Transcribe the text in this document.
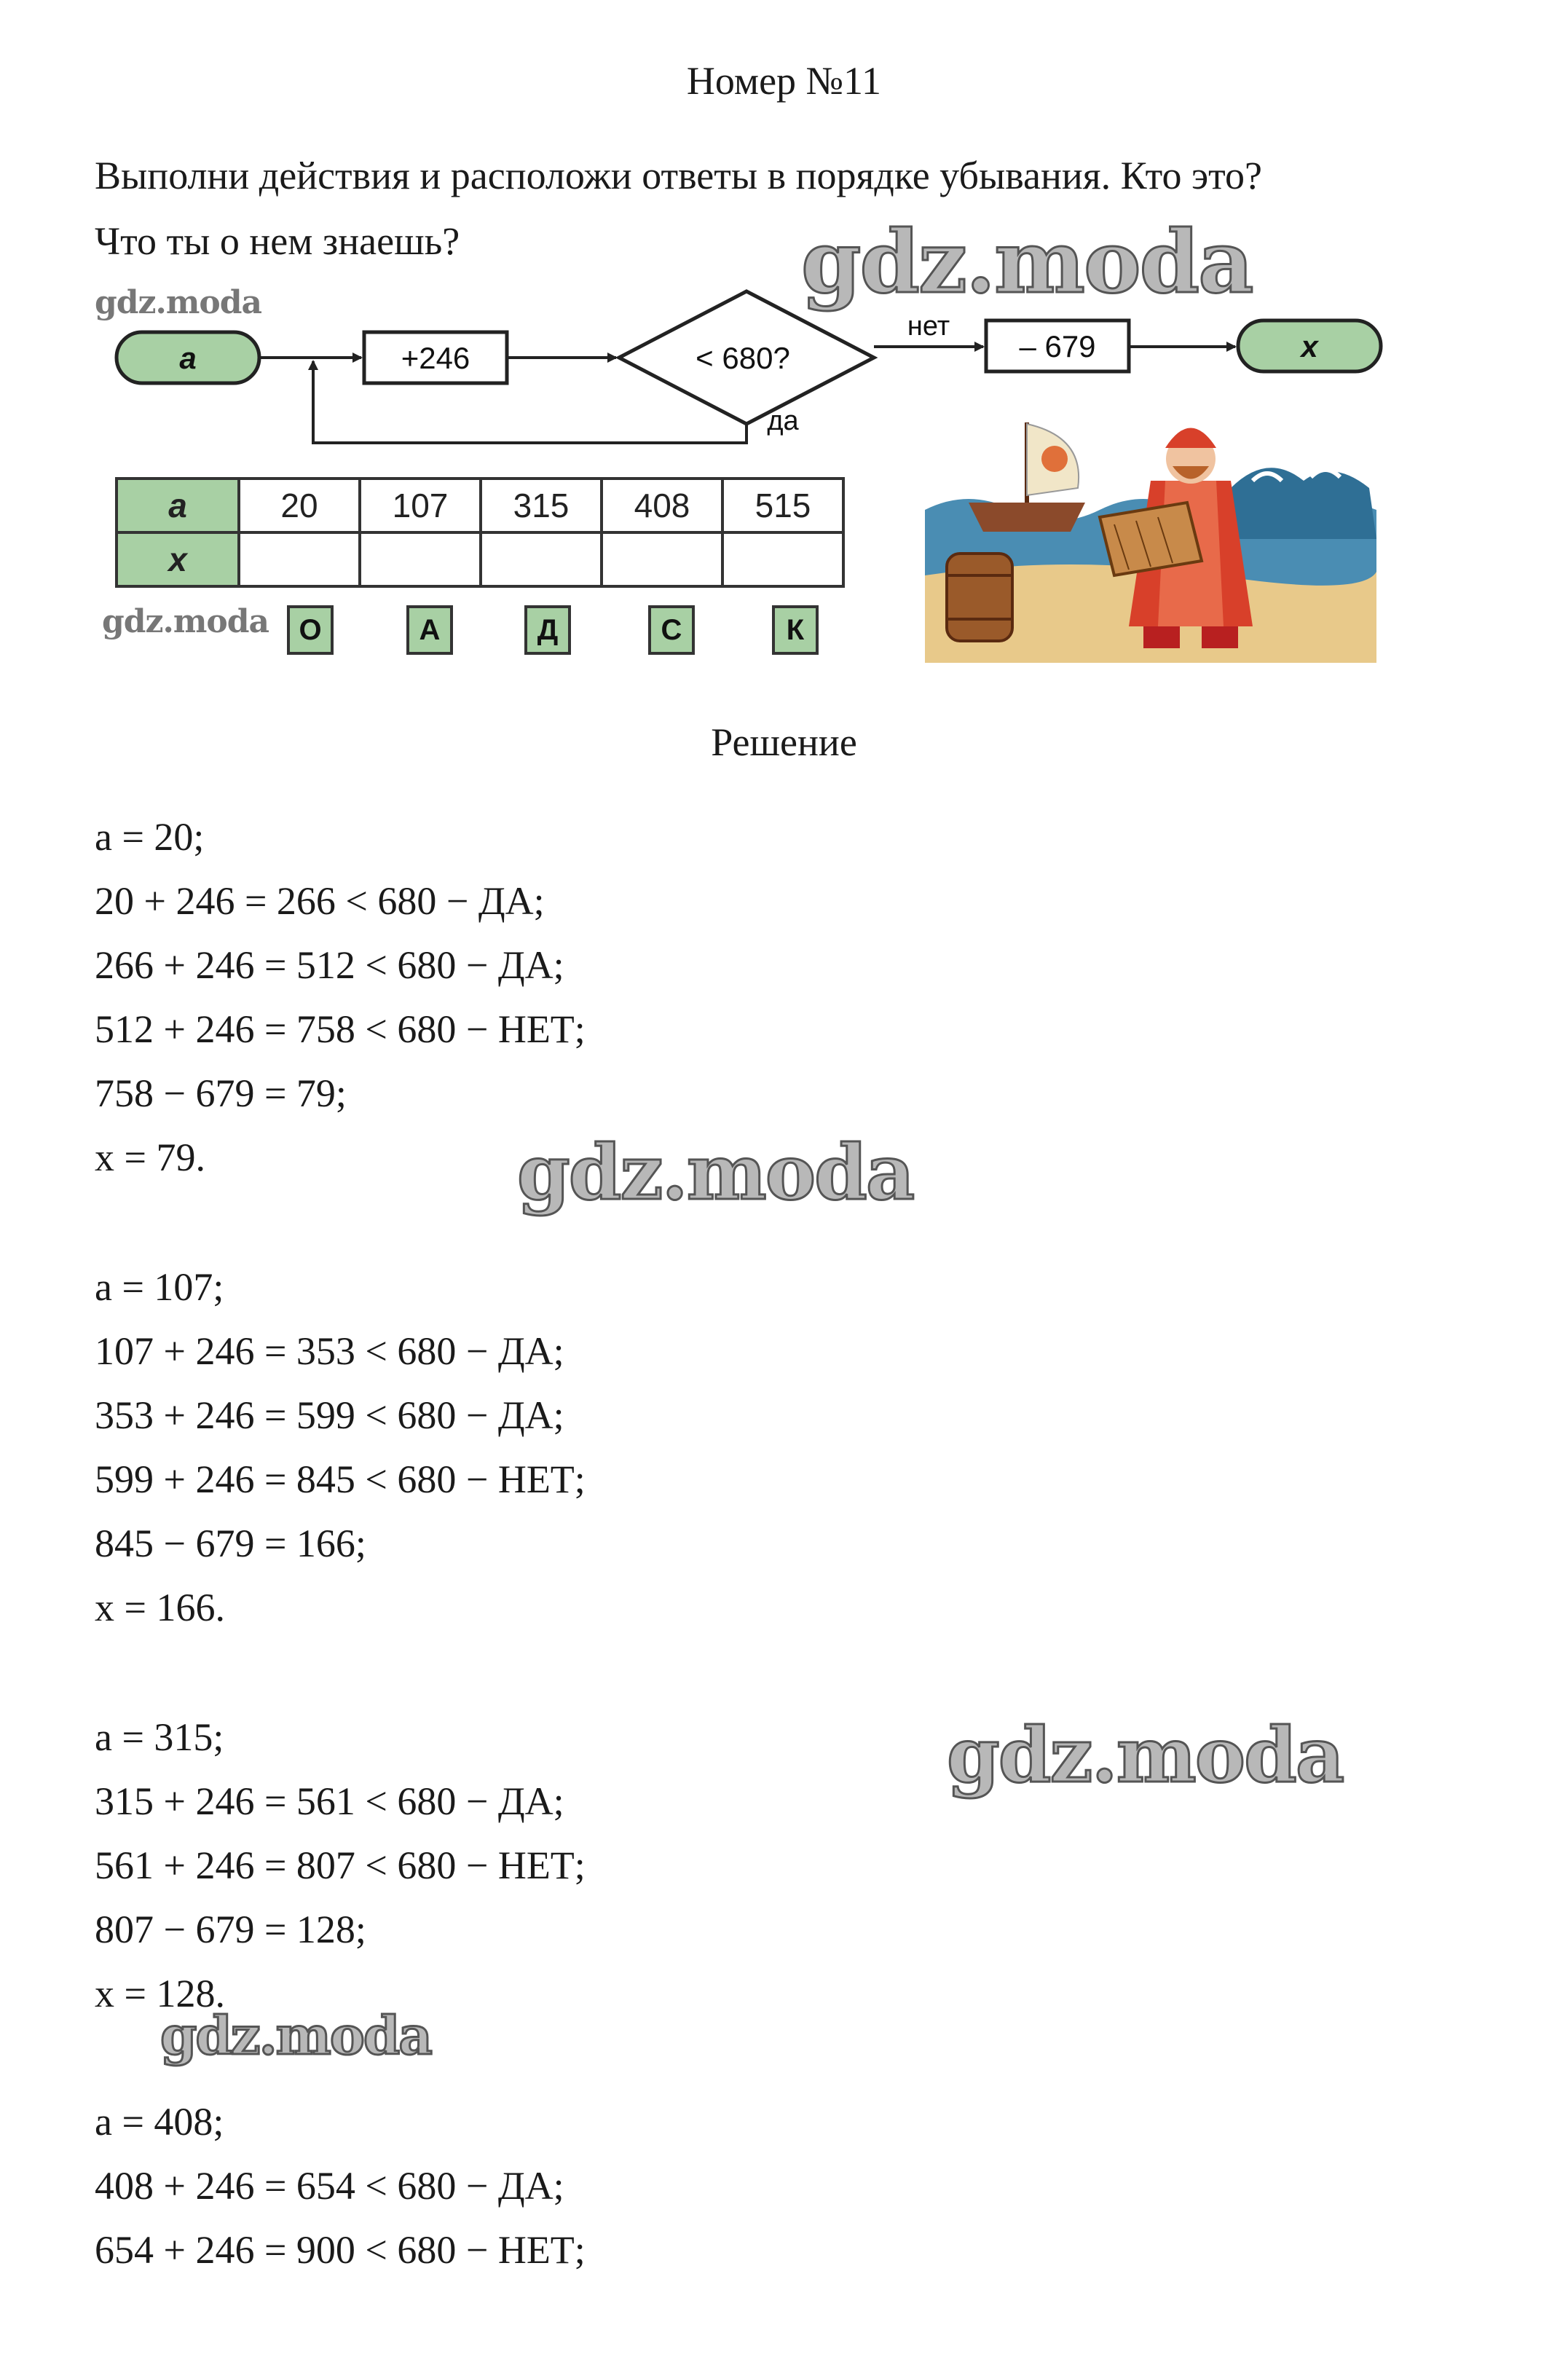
Номер №11
Выполни действия и расположи ответы в порядке убывания. Кто это?
Что ты о нем знаешь?
a	+246	< 680?
нет
– 679	x
да
gdz.moda	gdz.moda
a	20	107	315	408	515
x					
gdz.moda	О	А	Д	С	К
Решение
a = 20;
20 + 246 = 266 < 680 − ДА;
266 + 246 = 512 < 680 − ДА;
512 + 246 = 758 < 680 − НЕТ;
758 − 679 = 79;
x = 79.	gdz.moda
a = 107;
107 + 246 = 353 < 680 − ДА;
353 + 246 = 599 < 680 − ДА;
599 + 246 = 845 < 680 − НЕТ;
845 − 679 = 166;
x = 166.
a = 315;	gdz.moda
315 + 246 = 561 < 680 − ДА;
561 + 246 = 807 < 680 − НЕТ;
807 − 679 = 128;
x = 128.
gdz.moda
a = 408;
408 + 246 = 654 < 680 − ДА;
654 + 246 = 900 < 680 − НЕТ;
